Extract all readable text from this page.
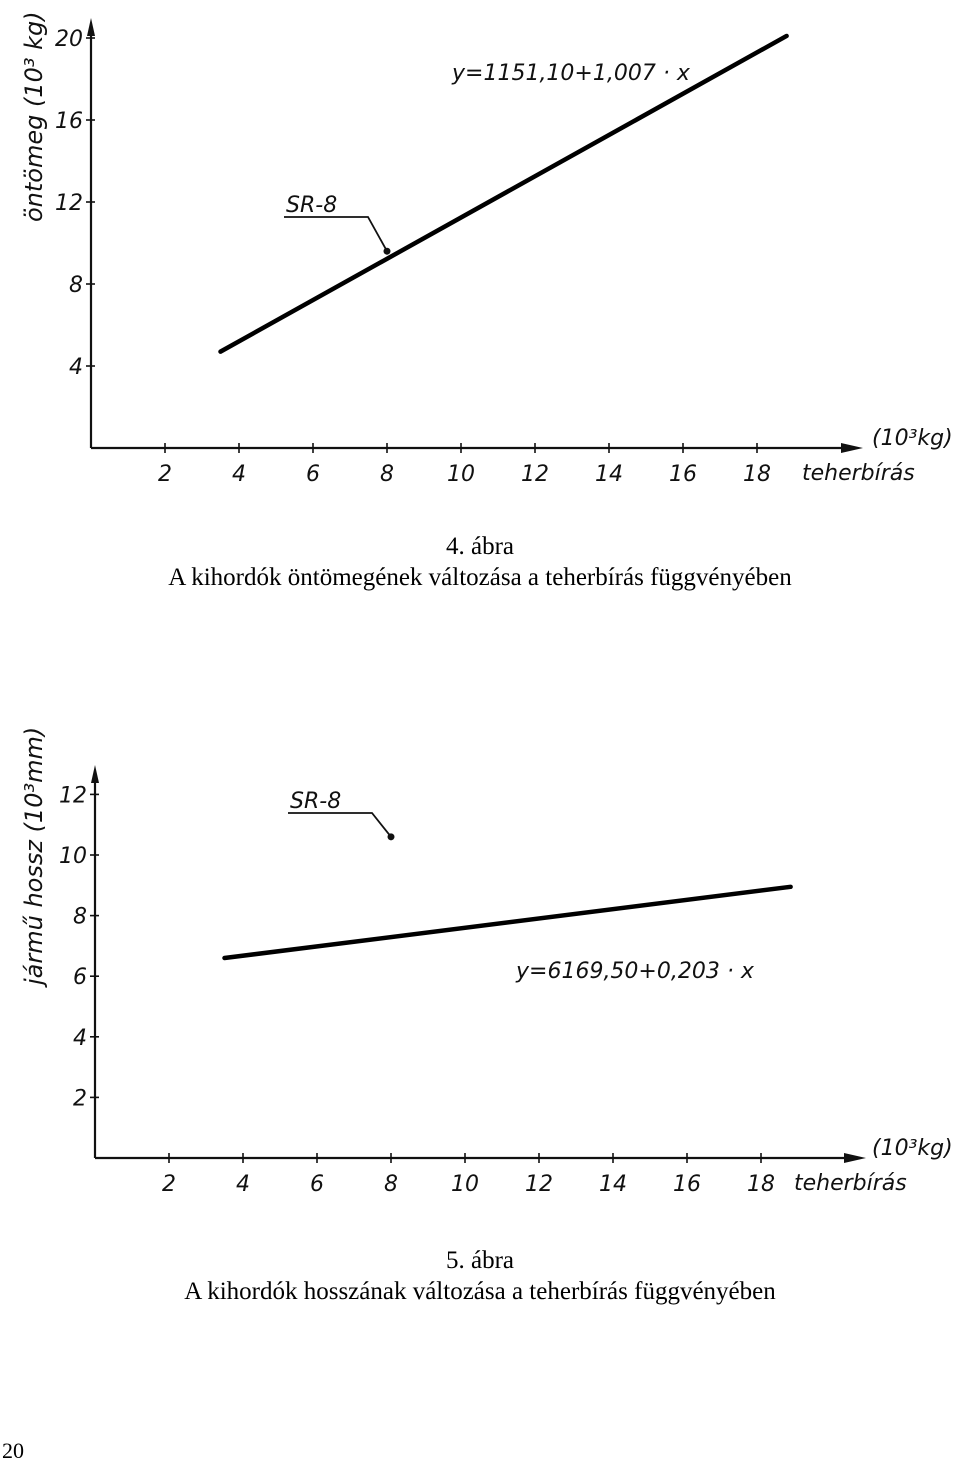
öntömeg (10³ kg)	y=1151,10+1,007 · x
SR-8
(10³kg)
teherbírás
2	4	6	8 10 12 14 16 18
4
8
12
16
20
jármű hossz (10³mm)	y=6169,50+0,203 · x
SR-8
(10³kg)
teherbírás
2	4	6	8 10 12 14 16 18
2
4
6
8
10
12
4. ábra
A kihordók öntömegének változása a teherbírás függvényében
5. ábra
A kihordók hosszának változása a teherbírás függvényében
20
